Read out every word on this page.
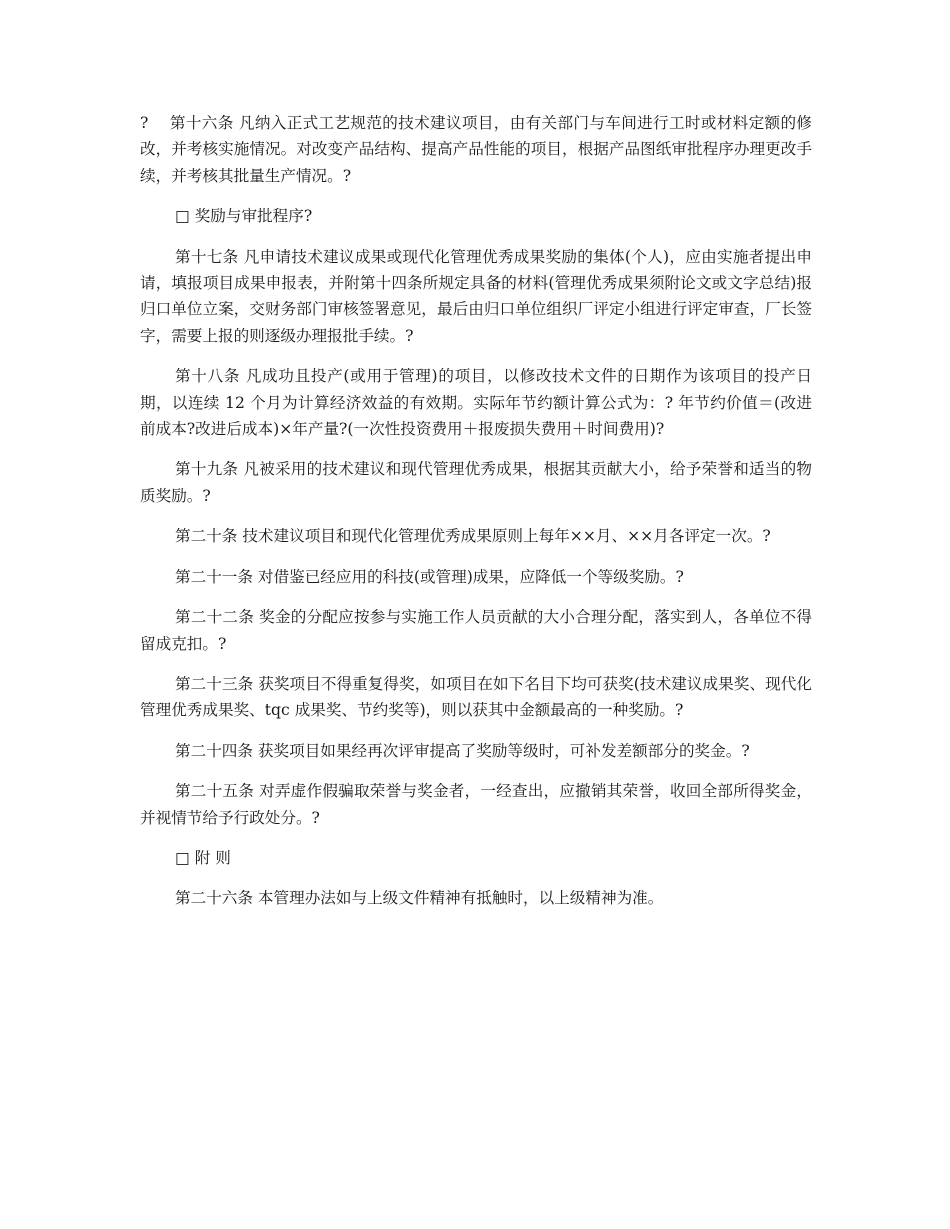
?　 第十六条 凡纳入正式工艺规范的技术建议项目，由有关部门与车间进行工时或材料定额的修改，并考核实施情况。对改变产品结构、提高产品性能的项目，根据产品图纸审批程序办理更改手续，并考核其批量生产情况。?

□ 奖励与审批程序?

第十七条 凡申请技术建议成果或现代化管理优秀成果奖励的集体(个人)，应由实施者提出申请，填报项目成果申报表，并附第十四条所规定具备的材料(管理优秀成果须附论文或文字总结)报归口单位立案，交财务部门审核签署意见，最后由归口单位组织厂评定小组进行评定审查，厂长签字，需要上报的则逐级办理报批手续。?

第十八条 凡成功且投产(或用于管理)的项目，以修改技术文件的日期作为该项目的投产日期，以连续 12 个月为计算经济效益的有效期。实际年节约额计算公式为：? 年节约价值＝(改进前成本?改进后成本)×年产量?(一次性投资费用＋报废损失费用＋时间费用)?

第十九条 凡被采用的技术建议和现代管理优秀成果，根据其贡献大小，给予荣誉和适当的物质奖励。?

第二十条 技术建议项目和现代化管理优秀成果原则上每年××月、××月各评定一次。?

第二十一条 对借鉴已经应用的科技(或管理)成果，应降低一个等级奖励。?

第二十二条 奖金的分配应按参与实施工作人员贡献的大小合理分配，落实到人，各单位不得留成克扣。?

第二十三条 获奖项目不得重复得奖，如项目在如下名目下均可获奖(技术建议成果奖、现代化管理优秀成果奖、tqc 成果奖、节约奖等)，则以获其中金额最高的一种奖励。?

第二十四条 获奖项目如果经再次评审提高了奖励等级时，可补发差额部分的奖金。?

第二十五条 对弄虚作假骗取荣誉与奖金者，一经查出，应撤销其荣誉，收回全部所得奖金，并视情节给予行政处分。?

□ 附 则

第二十六条 本管理办法如与上级文件精神有抵触时，以上级精神为准。
